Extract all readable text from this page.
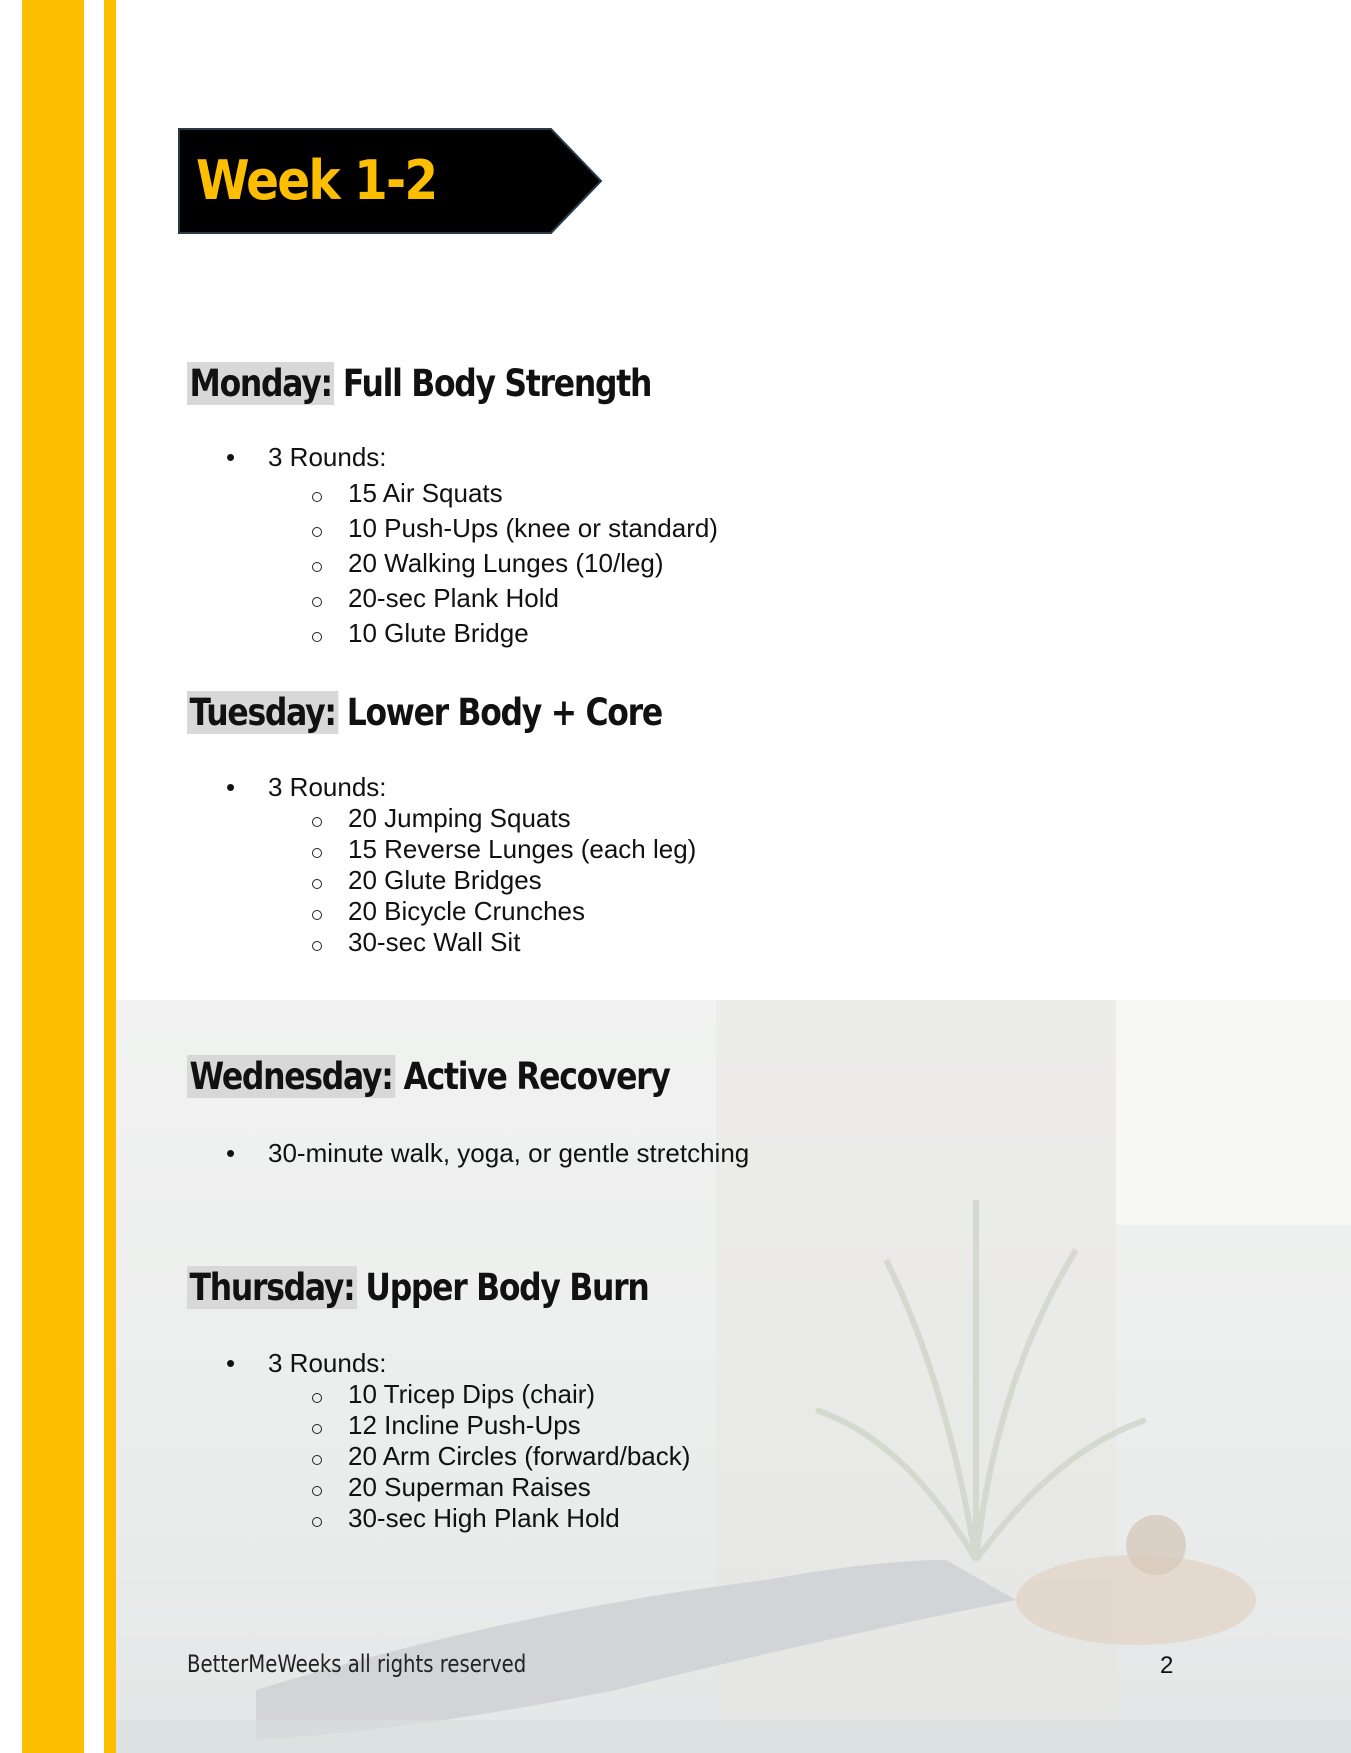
Week 1-2
Monday: Full Body Strength
• 3 Rounds:
15 Air Squats
10 Push-Ups (knee or standard)
20 Walking Lunges (10/leg)
20-sec Plank Hold
10 Glute Bridge
Tuesday: Lower Body + Core
• 3 Rounds:
20 Jumping Squats
15 Reverse Lunges (each leg)
20 Glute Bridges
20 Bicycle Crunches
30-sec Wall Sit
Wednesday: Active Recovery
• 30-minute walk, yoga, or gentle stretching
Thursday: Upper Body Burn
• 3 Rounds:
10 Tricep Dips (chair)
12 Incline Push-Ups
20 Arm Circles (forward/back)
20 Superman Raises
30-sec High Plank Hold
BetterMeWeeks all rights reserved	2
